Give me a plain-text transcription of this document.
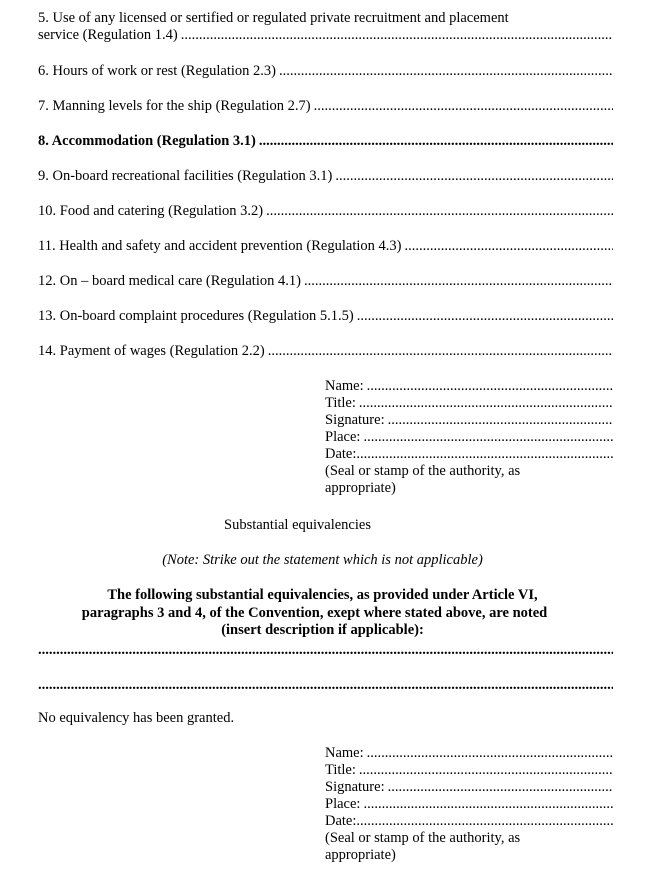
5. Use of any licensed or sertified or regulated private recruitment and placement
service (Regulation 1.4)
.....
6. Hours of work or rest (Regulation 2.3)
.....
7. Manning levels for the ship (Regulation 2.7)
.....
8. Accommodation (Regulation 3.1)
.....
9. On-board recreational facilities (Regulation 3.1)
.....
10. Food and catering (Regulation 3.2)
.....
11. Health and safety and accident prevention (Regulation 4.3)
.....
12. On – board medical care (Regulation 4.1)
.....
13. On-board complaint procedures (Regulation 5.1.5)
.....
14. Payment of wages (Regulation 2.2)
.....
Name:
.....
Title:
.....
Signature:
.....
Place:
.....
Date:
.....
(Seal or stamp of the authority, as
appropriate)
Substantial equivalencies
(Note: Strike out the statement which is not applicable)
The following substantial equivalencies, as provided under Article VI,
paragraphs 3 and 4, of the Convention, exept where stated above, are noted
(insert description if applicable):
.....
.....
No equivalency has been granted.
Name:
.....
Title:
.....
Signature:
.....
Place:
.....
Date:
.....
(Seal or stamp of the authority, as
appropriate)
